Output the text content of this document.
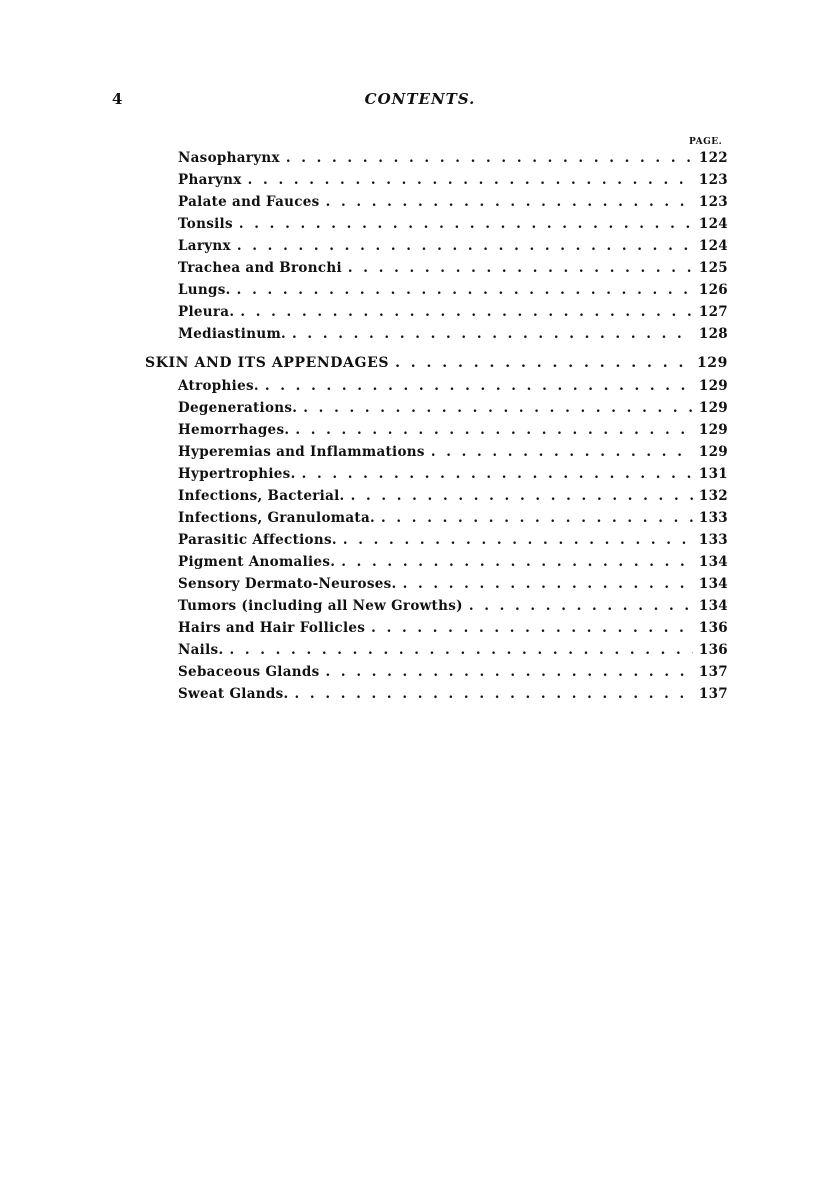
4	CONTENTS.
PAGE.
Nasopharynx . . .	122
Pharynx . . .	123
Palate and Fauces . . .	123
Tonsils . . .	124
Larynx . . .	124
Trachea and Bronchi . . .	125
Lungs. . . .	126
Pleura. . . .	127
Mediastinum. . . .	128
SKIN AND ITS APPENDAGES . . .	129
Atrophies. . . .	129
Degenerations. . . .	129
Hemorrhages. . . .	129
Hyperemias and Inflammations . . .	129
Hypertrophies. . . .	131
Infections, Bacterial. . . .	132
Infections, Granulomata. . . .	133
Parasitic Affections. . . .	133
Pigment Anomalies. . . .	134
Sensory Dermato-Neuroses. . . .	134
Tumors (including all New Growths) . . .	134
Hairs and Hair Follicles . . .	136
Nails. . . .	136
Sebaceous Glands . . .	137
Sweat Glands. . . .	137
